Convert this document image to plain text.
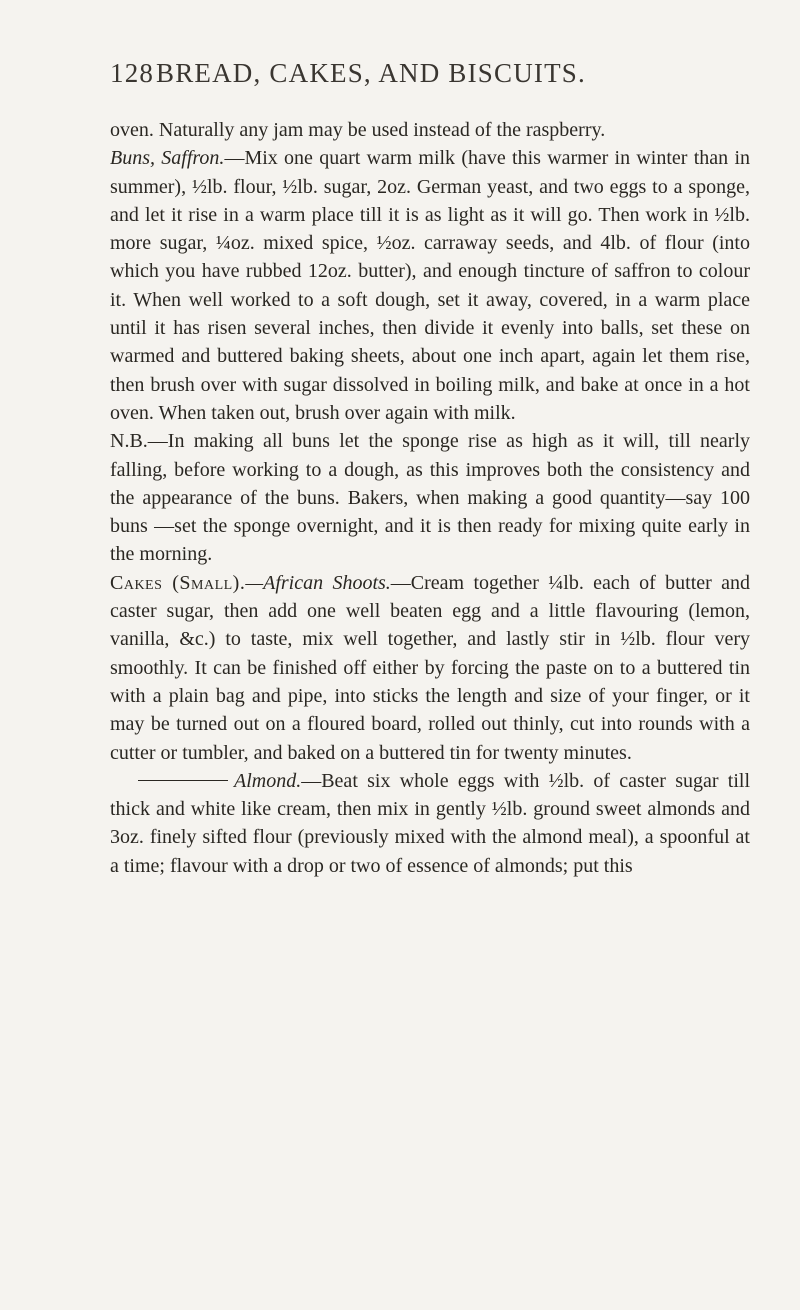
128 BREAD, CAKES, AND BISCUITS.

oven. Naturally any jam may be used instead of the raspberry.

Buns, Saffron.—Mix one quart warm milk (have this warmer in winter than in summer), ½lb. flour, ½lb. sugar, 2oz. German yeast, and two eggs to a sponge, and let it rise in a warm place till it is as light as it will go. Then work in ½lb. more sugar, ¼oz. mixed spice, ½oz. carraway seeds, and 4lb. of flour (into which you have rubbed 12oz. butter), and enough tincture of saffron to colour it. When well worked to a soft dough, set it away, covered, in a warm place until it has risen several inches, then divide it evenly into balls, set these on warmed and buttered baking sheets, about one inch apart, again let them rise, then brush over with sugar dissolved in boiling milk, and bake at once in a hot oven. When taken out, brush over again with milk.

N.B.—In making all buns let the sponge rise as high as it will, till nearly falling, before working to a dough, as this improves both the consistency and the appearance of the buns. Bakers, when making a good quantity—say 100 buns —set the sponge overnight, and it is then ready for mixing quite early in the morning.

Cakes (Small).—African Shoots.—Cream together ¼lb. each of butter and caster sugar, then add one well beaten egg and a little flavouring (lemon, vanilla, &c.) to taste, mix well together, and lastly stir in ½lb. flour very smoothly. It can be finished off either by forcing the paste on to a buttered tin with a plain bag and pipe, into sticks the length and size of your finger, or it may be turned out on a floured board, rolled out thinly, cut into rounds with a cutter or tumbler, and baked on a buttered tin for twenty minutes.

Almond.—Beat six whole eggs with ½lb. of caster sugar till thick and white like cream, then mix in gently ½lb. ground sweet almonds and 3oz. finely sifted flour (previously mixed with the almond meal), a spoonful at a time; flavour with a drop or two of essence of almonds; put this
